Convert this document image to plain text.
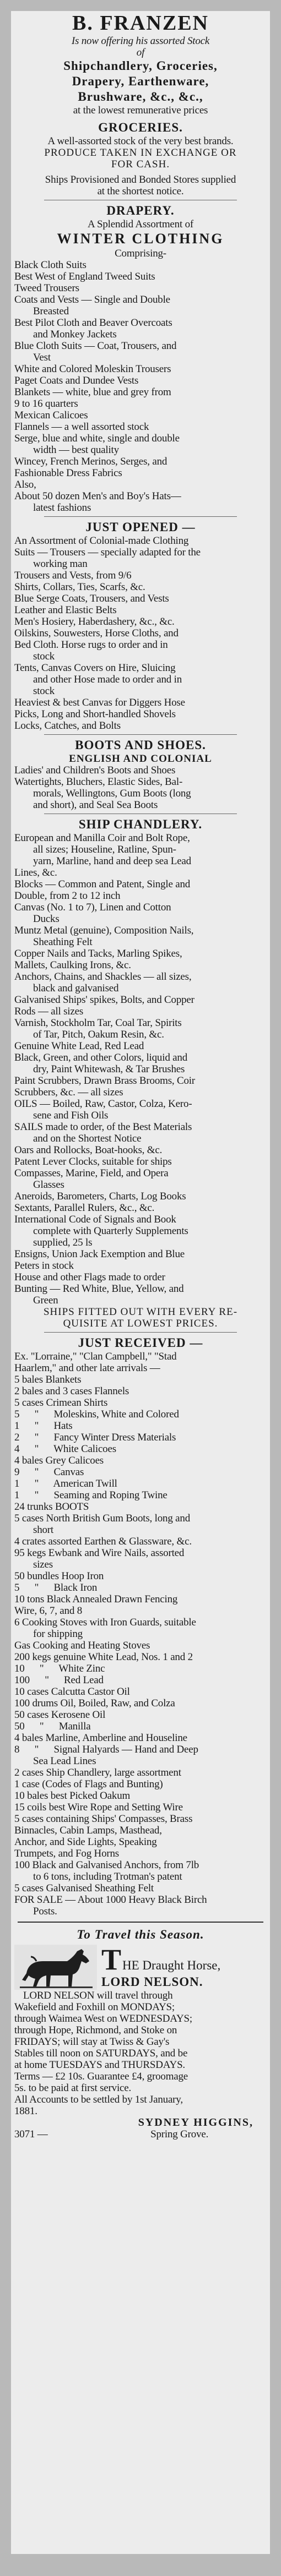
B. FRANZEN
Is now offering his assorted Stock
of
Shipchandlery, Groceries,
Drapery, Earthenware,
Brushware, &c., &c.,
at the lowest remunerative prices
GROCERIES.
A well-assorted stock of the very best brands.
PRODUCE TAKEN IN EXCHANGE OR
FOR CASH.
Ships Provisioned and Bonded Stores supplied
at the shortest notice.
DRAPERY.
A Splendid Assortment of
WINTER CLOTHING
Comprising-
Black Cloth Suits
Best West of England Tweed Suits
Tweed Trousers
Coats and Vests — Single and Double
Breasted
Best Pilot Cloth and Beaver Overcoats
and Monkey Jackets
Blue Cloth Suits — Coat, Trousers, and
Vest
White and Colored Moleskin Trousers
Paget Coats and Dundee Vests
Blankets — white, blue and grey from
9 to 16 quarters
Mexican Calicoes
Flannels — a well assorted stock
Serge, blue and white, single and double
width — best quality
Wincey, French Merinos, Serges, and
Fashionable Dress Fabrics
Also,
About 50 dozen Men's and Boy's Hats—
latest fashions
JUST OPENED —
An Assortment of Colonial-made Clothing
Suits — Trousers — specially adapted for the
working man
Trousers and Vests, from 9/6
Shirts, Collars, Ties, Scarfs, &c.
Blue Serge Coats, Trousers, and Vests
Leather and Elastic Belts
Men's Hosiery, Haberdashery, &c., &c.
Oilskins, Souwesters, Horse Cloths, and
Bed Cloth. Horse rugs to order and in
stock
Tents, Canvas Covers on Hire, Sluicing
and other Hose made to order and in
stock
Heaviest & best Canvas for Diggers Hose
Picks, Long and Short-handled Shovels
Locks, Catches, and Bolts
BOOTS AND SHOES.
ENGLISH AND COLONIAL
Ladies' and Children's Boots and Shoes
Watertights, Bluchers, Elastic Sides, Bal-
morals, Wellingtons, Gum Boots (long
and short), and Seal Sea Boots
SHIP CHANDLERY.
European and Manilla Coir and Bolt Rope,
all sizes; Houseline, Ratline, Spun-
yarn, Marline, hand and deep sea Lead
Lines, &c.
Blocks — Common and Patent, Single and
Double, from 2 to 12 inch
Canvas (No. 1 to 7), Linen and Cotton
Ducks
Muntz Metal (genuine), Composition Nails,
Sheathing Felt
Copper Nails and Tacks, Marling Spikes,
Mallets, Caulking Irons, &c.
Anchors, Chains, and Shackles — all sizes,
black and galvanised
Galvanised Ships' spikes, Bolts, and Copper
Rods — all sizes
Varnish, Stockholm Tar, Coal Tar, Spirits
of Tar, Pitch, Oakum Resin, &c.
Genuine White Lead, Red Lead
Black, Green, and other Colors, liquid and
dry, Paint Whitewash, & Tar Brushes
Paint Scrubbers, Drawn Brass Brooms, Coir
Scrubbers, &c. — all sizes
OILS — Boiled, Raw, Castor, Colza, Kero-
sene and Fish Oils
SAILS made to order, of the Best Materials
and on the Shortest Notice
Oars and Rollocks, Boat-hooks, &c.
Patent Lever Clocks, suitable for ships
Compasses, Marine, Field, and Opera
Glasses
Aneroids, Barometers, Charts, Log Books
Sextants, Parallel Rulers, &c., &c.
International Code of Signals and Book
complete with Quarterly Supplements
supplied, 25 ls
Ensigns, Union Jack Exemption and Blue
Peters in stock
House and other Flags made to order
Bunting — Red White, Blue, Yellow, and
Green
SHIPS FITTED OUT WITH EVERY RE-
QUISITE AT LOWEST PRICES.
JUST RECEIVED —
Ex. "Lorraine," "Clan Campbell," "Stad
Haarlem," and other late arrivals —
5 bales Blankets
2 bales and 3 cases Flannels
5 cases Crimean Shirts
5      "      Moleskins, White and Colored
1      "      Hats
2      "      Fancy Winter Dress Materials
4      "      White Calicoes
4 bales Grey Calicoes
9      "      Canvas
1      "      American Twill
1      "      Seaming and Roping Twine
24 trunks BOOTS
5 cases North British Gum Boots, long and
short
4 crates assorted Earthen & Glassware, &c.
95 kegs Ewbank and Wire Nails, assorted
sizes
50 bundles Hoop Iron
5      "      Black Iron
10 tons Black Annealed Drawn Fencing
Wire, 6, 7, and 8
6 Cooking Stoves with Iron Guards, suitable
for shipping
Gas Cooking and Heating Stoves
200 kegs genuine White Lead, Nos. 1 and 2
10      "      White Zinc
100      "      Red Lead
10 cases Calcutta Castor Oil
100 drums Oil, Boiled, Raw, and Colza
50 cases Kerosene Oil
50      "      Manilla
4 bales Marline, Amberline and Houseline
8      "      Signal Halyards — Hand and Deep
Sea Lead Lines
2 cases Ship Chandlery, large assortment
1 case (Codes of Flags and Bunting)
10 bales best Picked Oakum
15 coils best Wire Rope and Setting Wire
5 cases containing Ships' Compasses, Brass
Binnacles, Cabin Lamps, Masthead,
Anchor, and Side Lights, Speaking
Trumpets, and Fog Horns
100 Black and Galvanised Anchors, from 7lb
to 6 tons, including Trotman's patent
5 cases Galvanised Sheathing Felt
FOR SALE — About 1000 Heavy Black Birch
Posts.
To Travel this Season.
THE Draught Horse,
LORD NELSON.
LORD NELSON will travel through
Wakefield and Foxhill on MONDAYS;
through Waimea West on WEDNESDAYS;
through Hope, Richmond, and Stoke on
FRIDAYS; will stay at Twiss & Gay's
Stables till noon on SATURDAYS, and be
at home TUESDAYS and THURSDAYS.
Terms — £2 10s. Guarantee £4, groomage
5s. to be paid at first service.
All Accounts to be settled by 1st January,
1881.
SYDNEY HIGGINS,
3071 —                                         Spring Grove.
